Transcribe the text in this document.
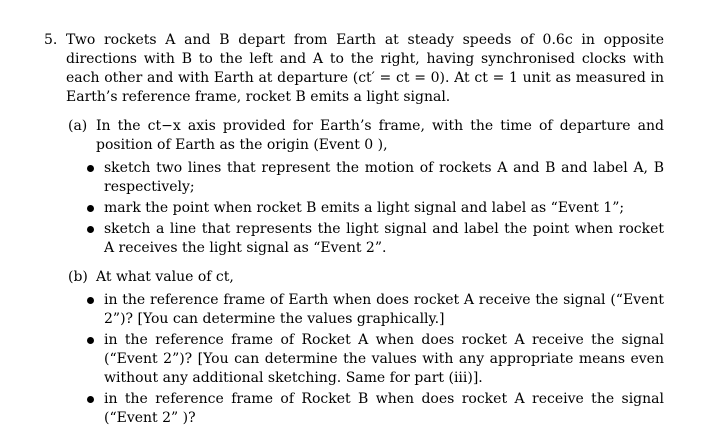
5. Two rockets A and B depart from Earth at steady speeds of 0.6c in opposite directions with B to the left and A to the right, having synchronised clocks with each other and with Earth at departure (ct′ = ct = 0). At ct = 1 unit as measured in Earth’s reference frame, rocket B emits a light signal.
(a) In the ct−x axis provided for Earth’s frame, with the time of departure and position of Earth as the origin (Event 0 ),
sketch two lines that represent the motion of rockets A and B and label A, B respectively;
mark the point when rocket B emits a light signal and label as “Event 1”;
sketch a line that represents the light signal and label the point when rocket A receives the light signal as “Event 2”.
(b) At what value of ct,
in the reference frame of Earth when does rocket A receive the signal (“Event 2”)? [You can determine the values graphically.]
in the reference frame of Rocket A when does rocket A receive the signal (“Event 2”)? [You can determine the values with any appropriate means even without any additional sketching. Same for part (iii)].
in the reference frame of Rocket B when does rocket A receive the signal (“Event 2” )?
